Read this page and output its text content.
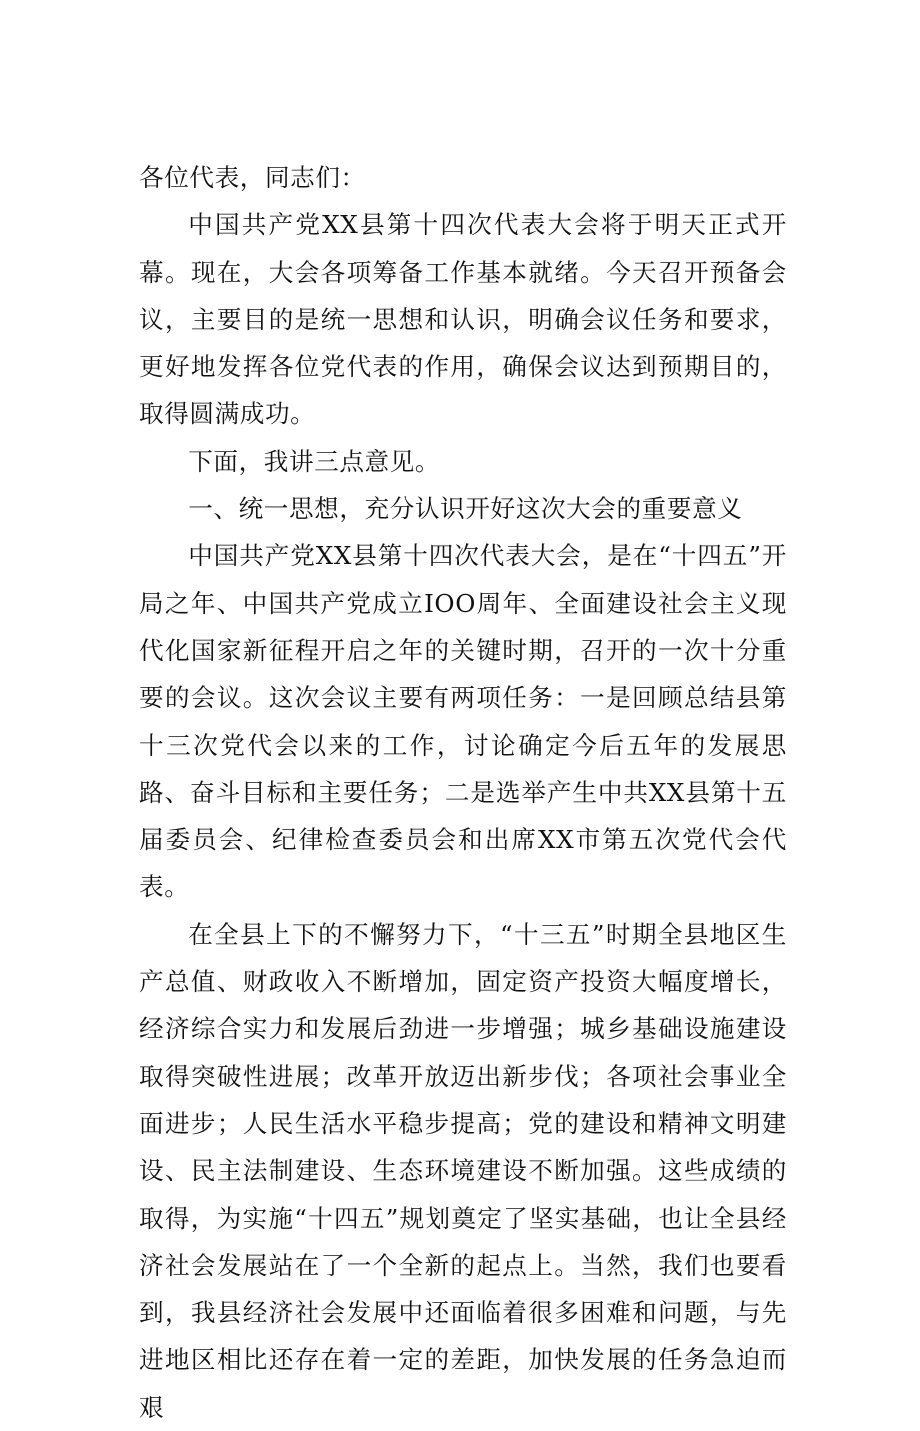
各位代表，同志们：

中国共产党XX县第十四次代表大会将于明天正式开幕。现在，大会各项筹备工作基本就绪。今天召开预备会议，主要目的是统一思想和认识，明确会议任务和要求，更好地发挥各位党代表的作用，确保会议达到预期目的，取得圆满成功。

下面，我讲三点意见。

一、统一思想，充分认识开好这次大会的重要意义

中国共产党XX县第十四次代表大会，是在“十四五”开局之年、中国共产党成立IOO周年、全面建设社会主义现代化国家新征程开启之年的关键时期，召开的一次十分重要的会议。这次会议主要有两项任务：一是回顾总结县第十三次党代会以来的工作，讨论确定今后五年的发展思路、奋斗目标和主要任务；二是选举产生中共XX县第十五届委员会、纪律检查委员会和出席XX市第五次党代会代表。

在全县上下的不懈努力下，“十三五”时期全县地区生产总值、财政收入不断增加，固定资产投资大幅度增长，经济综合实力和发展后劲进一步增强；城乡基础设施建设取得突破性进展；改革开放迈出新步伐；各项社会事业全面进步；人民生活水平稳步提高；党的建设和精神文明建设、民主法制建设、生态环境建设不断加强。这些成绩的取得，为实施“十四五”规划奠定了坚实基础，也让全县经济社会发展站在了一个全新的起点上。当然，我们也要看到，我县经济社会发展中还面临着很多困难和问题，与先进地区相比还存在着一定的差距，加快发展的任务急迫而艰
